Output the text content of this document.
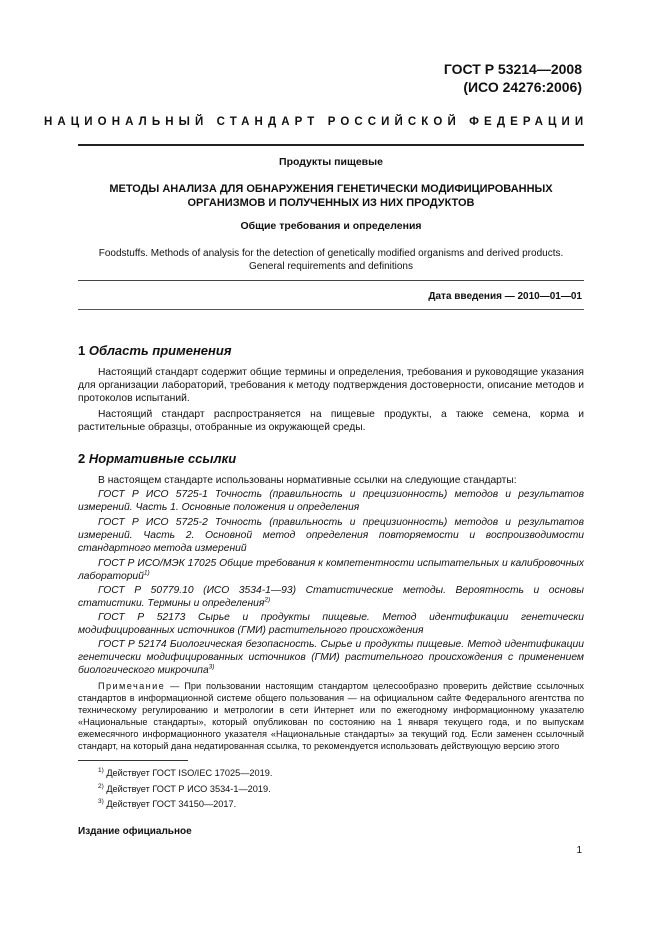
ГОСТ Р 53214—2008
(ИСО 24276:2006)
НАЦИОНАЛЬНЫЙ СТАНДАРТ РОССИЙСКОЙ ФЕДЕРАЦИИ
Продукты пищевые
МЕТОДЫ АНАЛИЗА ДЛЯ ОБНАРУЖЕНИЯ ГЕНЕТИЧЕСКИ МОДИФИЦИРОВАННЫХ
ОРГАНИЗМОВ И ПОЛУЧЕННЫХ ИЗ НИХ ПРОДУКТОВ
Общие требования и определения
Foodstuffs. Methods of analysis for the detection of genetically modified organisms and derived products.
General requirements and definitions
Дата введения — 2010—01—01
1 Область применения
Настоящий стандарт содержит общие термины и определения, требования и руководящие указания для организации лабораторий, требования к методу подтверждения достоверности, описание методов и протоколов испытаний.
Настоящий стандарт распространяется на пищевые продукты, а также семена, корма и растительные образцы, отобранные из окружающей среды.
2 Нормативные ссылки
В настоящем стандарте использованы нормативные ссылки на следующие стандарты:
ГОСТ Р ИСО 5725-1 Точность (правильность и прецизионность) методов и результатов измерений. Часть 1. Основные положения и определения
ГОСТ Р ИСО 5725-2 Точность (правильность и прецизионность) методов и результатов измерений. Часть 2. Основной метод определения повторяемости и воспроизводимости стандартного метода измерений
ГОСТ Р ИСО/МЭК 17025 Общие требования к компетентности испытательных и калибровочных лабораторий$^{1)}$
ГОСТ Р 50779.10 (ИСО 3534-1—93) Статистические методы. Вероятность и основы статистики. Термины и определения$^{2)}$
ГОСТ Р 52173 Сырье и продукты пищевые. Метод идентификации генетически модифицированных источников (ГМИ) растительного происхождения
ГОСТ Р 52174 Биологическая безопасность. Сырье и продукты пищевые. Метод идентификации генетически модифицированных источников (ГМИ) растительного происхождения с применением биологического микрочипа$^{3)}$
Примечание — При пользовании настоящим стандартом целесообразно проверить действие ссылочных стандартов в информационной системе общего пользования — на официальном сайте Федерального агентства по техническому регулированию и метрологии в сети Интернет или по ежегодному информационному указателю «Национальные стандарты», который опубликован по состоянию на 1 января текущего года, и по выпускам ежемесячного информационного указателя «Национальные стандарты» за текущий год. Если заменен ссылочный стандарт, на который дана недатированная ссылка, то рекомендуется использовать действующую версию этого
$^{1)}$ Действует ГОСТ ISO/IEC 17025—2019.
$^{2)}$ Действует ГОСТ Р ИСО 3534-1—2019.
$^{3)}$ Действует ГОСТ 34150—2017.
Издание официальное
1
